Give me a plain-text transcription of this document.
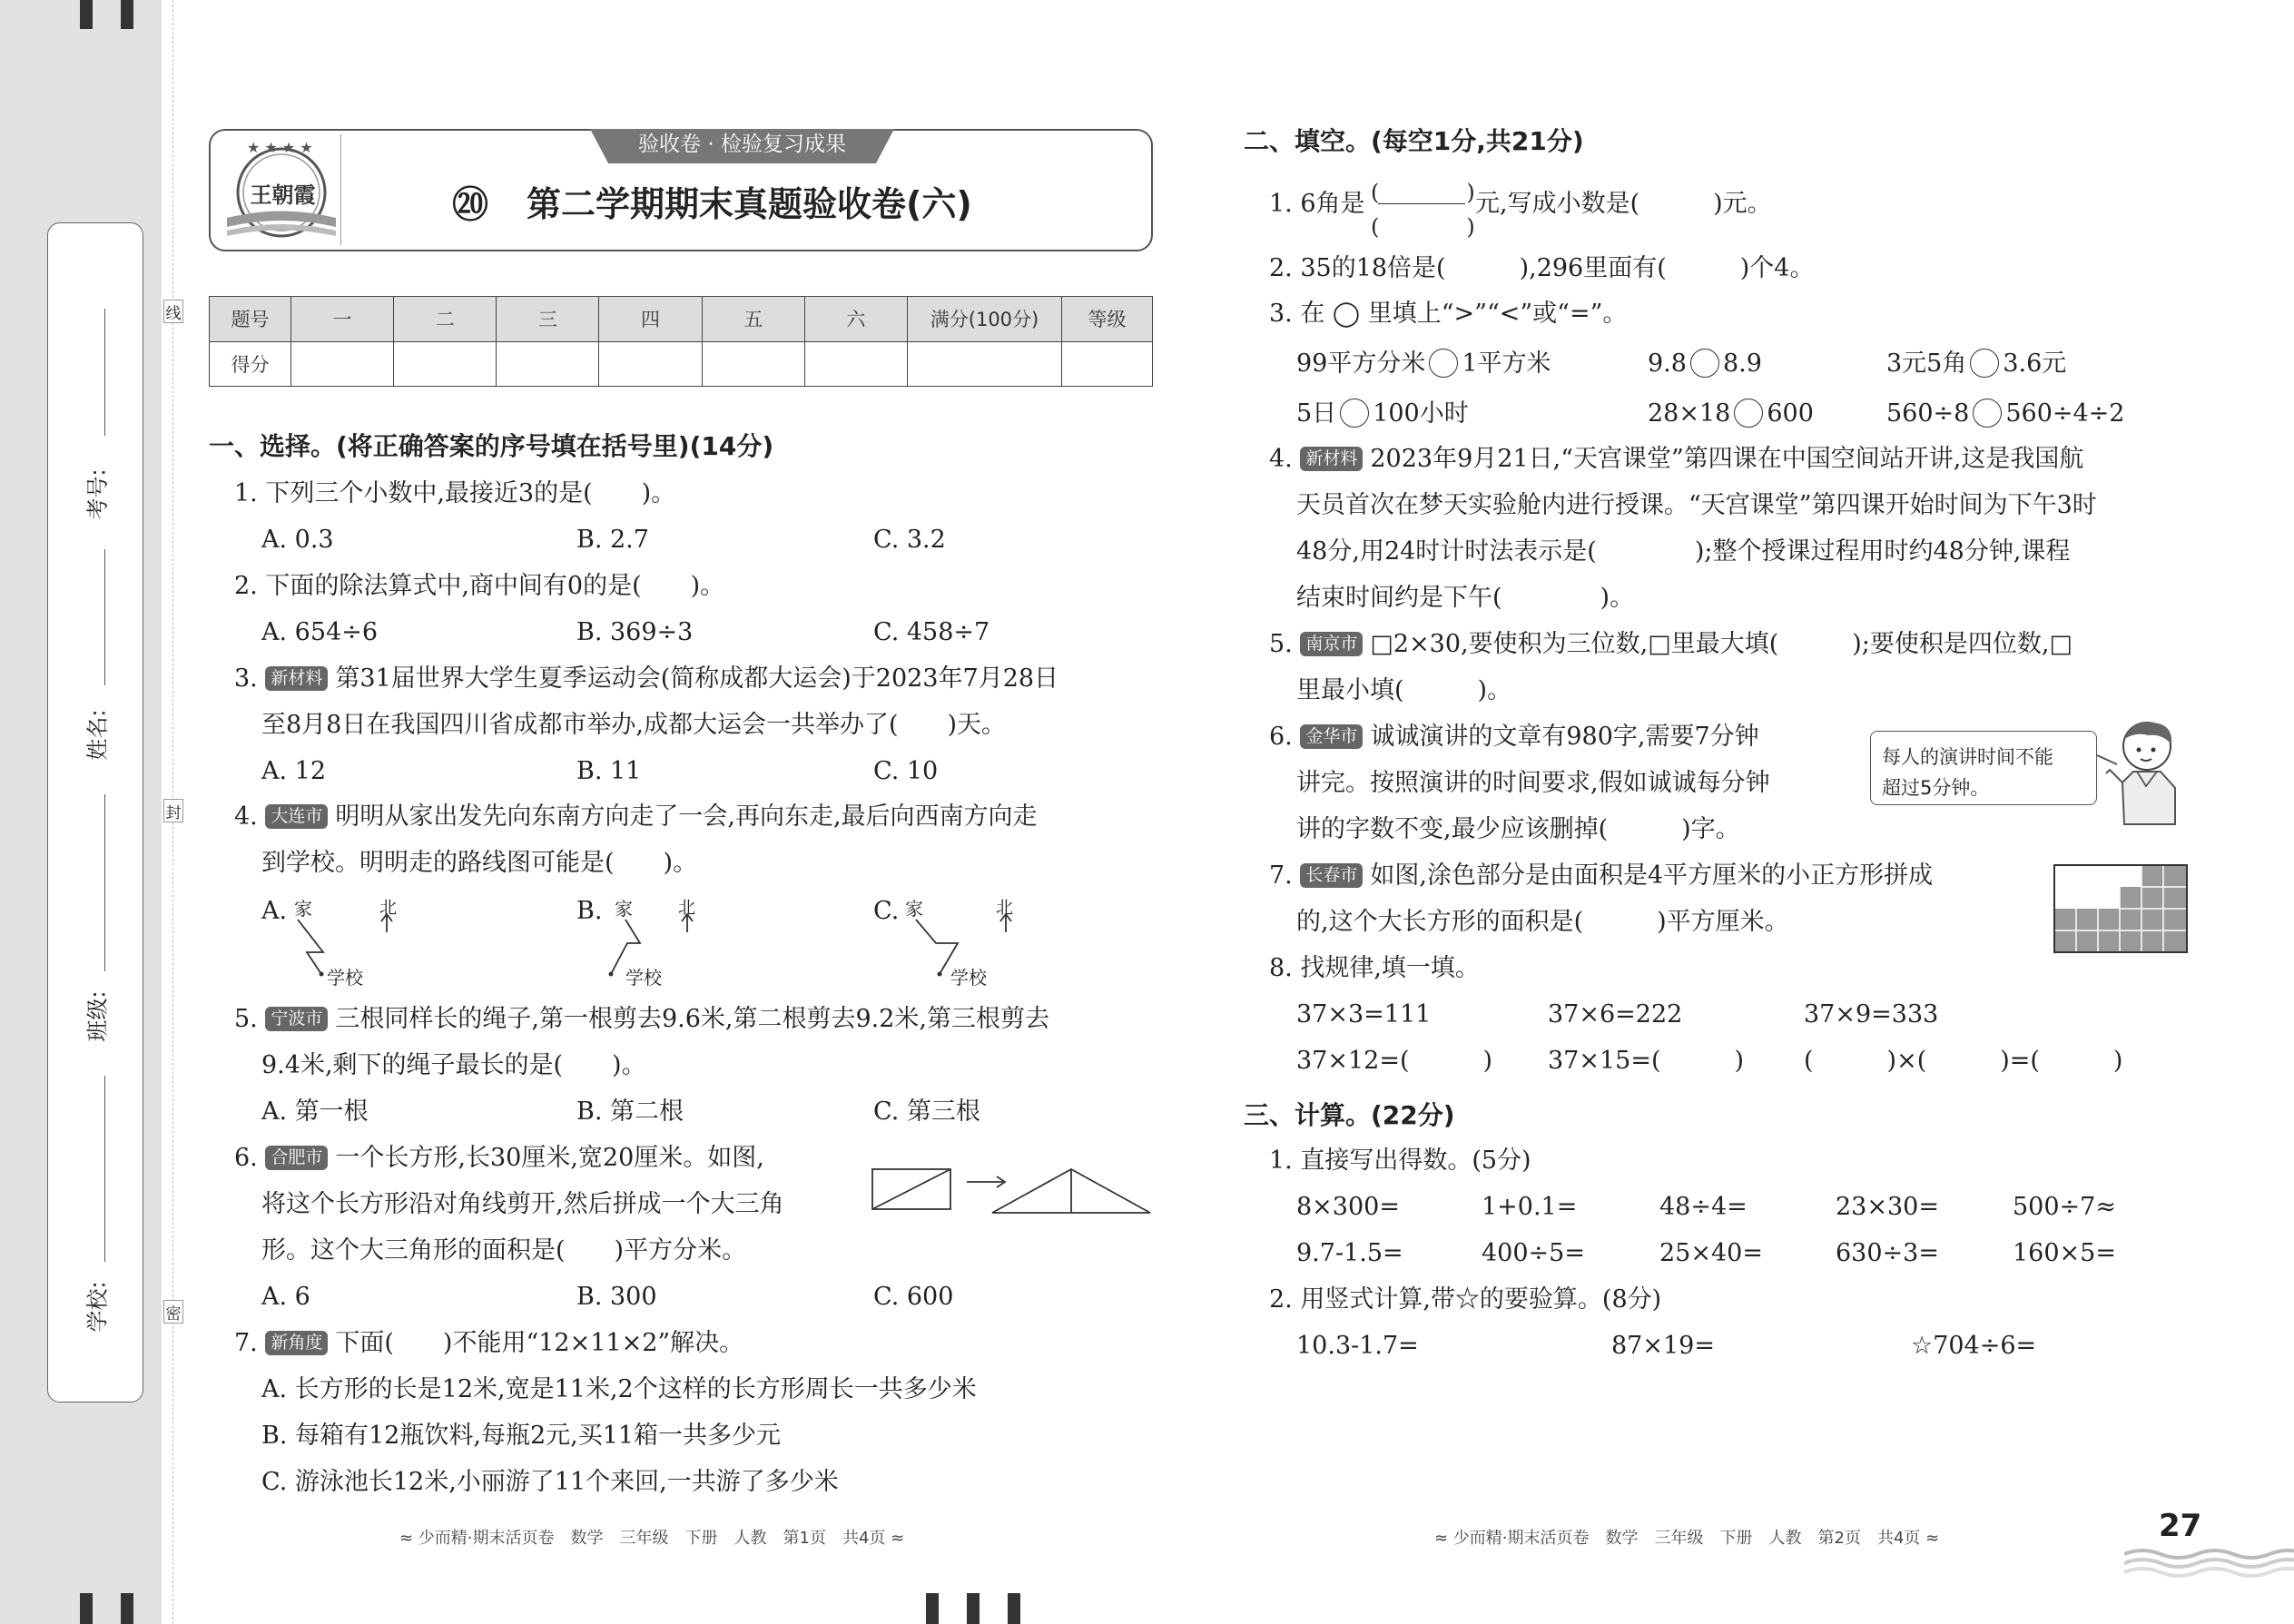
考号:
姓名:
班级:
学校:
线
封
密
验收卷 · 检验复习成果
★ ★ ★ ★
王朝霞	⑳ 第二学期期末真题验收卷(六)
题号	一	二	三	四	五	六	满分(100分)	等级
得分								
一、选择。(将正确答案的序号填在括号里)(14分)
1. 下列三个小数中,最接近3的是(　　)。
A. 0.3	B. 2.7	C. 3.2
2. 下面的除法算式中,商中间有0的是(　　)。
A. 654÷6	B. 369÷3	C. 458÷7
3. 新材料 第31届世界大学生夏季运动会(简称成都大运会)于2023年7月28日
至8月8日在我国四川省成都市举办,成都大运会一共举办了(　　)天。
A. 12	B. 11	C. 10
4. 大连市 明明从家出发先向东南方向走了一会,再向东走,最后向西南方向走
到学校。明明走的路线图可能是(　　)。
A. 家	北
学校
B. 家	北
学校
C. 家	北
学校
5. 宁波市 三根同样长的绳子,第一根剪去9.6米,第二根剪去9.2米,第三根剪去
9.4米,剩下的绳子最长的是(　　)。
A. 第一根	B. 第二根	C. 第三根
6. 合肥市 一个长方形,长30厘米,宽20厘米。如图,
将这个长方形沿对角线剪开,然后拼成一个大三角
形。这个大三角形的面积是(　　)平方分米。
A. 6	B. 300	C. 600
7. 新角度 下面(　　)不能用“12×11×2”解决。
A. 长方形的长是12米,宽是11米,2个这样的长方形周长一共多少米
B. 每箱有12瓶饮料,每瓶2元,买11箱一共多少元
C. 游泳池长12米,小丽游了11个来回,一共游了多少米
≈ 少而精·期末活页卷　数学　三年级　下册　人教　第1页　共4页 ≈
二、填空。(每空1分,共21分)
1. 6角是 (　　　　)
(　　　　)
元,写成小数是(　　　)元。
2. 35的18倍是(　　　),296里面有(　　　)个4。
3. 在 ◯ 里填上“>”“<”或“=”。
99平方分米 1平方米	9.8 8.9	3元5角 3.6元
5日 100小时	28×18 600	560÷8 560÷4÷2
4. 新材料 2023年9月21日,“天宫课堂”第四课在中国空间站开讲,这是我国航
天员首次在梦天实验舱内进行授课。“天宫课堂”第四课开始时间为下午3时
48分,用24时计时法表示是(　　　　);整个授课过程用时约48分钟,课程
结束时间约是下午(　　　　)。
5. 南京市 □2×30,要使积为三位数,□里最大填(　　　);要使积是四位数,□
里最小填(　　　)。
6. 金华市 诚诚演讲的文章有980字,需要7分钟
讲完。按照演讲的时间要求,假如诚诚每分钟
讲的字数不变,最少应该删掉(　　　)字。
每人的演讲时间不能
超过5分钟。
7. 长春市 如图,涂色部分是由面积是4平方厘米的小正方形拼成
的,这个大长方形的面积是(　　　)平方厘米。
8. 找规律,填一填。
37×3=111	37×6=222	37×9=333
37×12=(　　　) 37×15=(　　　) (　　　)×(　　　)=(　　　)
三、计算。(22分)
1. 直接写出得数。(5分)
8×300=	1+0.1=	48÷4=	23×30=	500÷7≈
9.7-1.5=	400÷5=	25×40=	630÷3=	160×5=
2. 用竖式计算,带☆的要验算。(8分)
10.3-1.7=	87×19=	☆704÷6=
≈ 少而精·期末活页卷　数学　三年级　下册　人教　第2页　共4页 ≈	27
